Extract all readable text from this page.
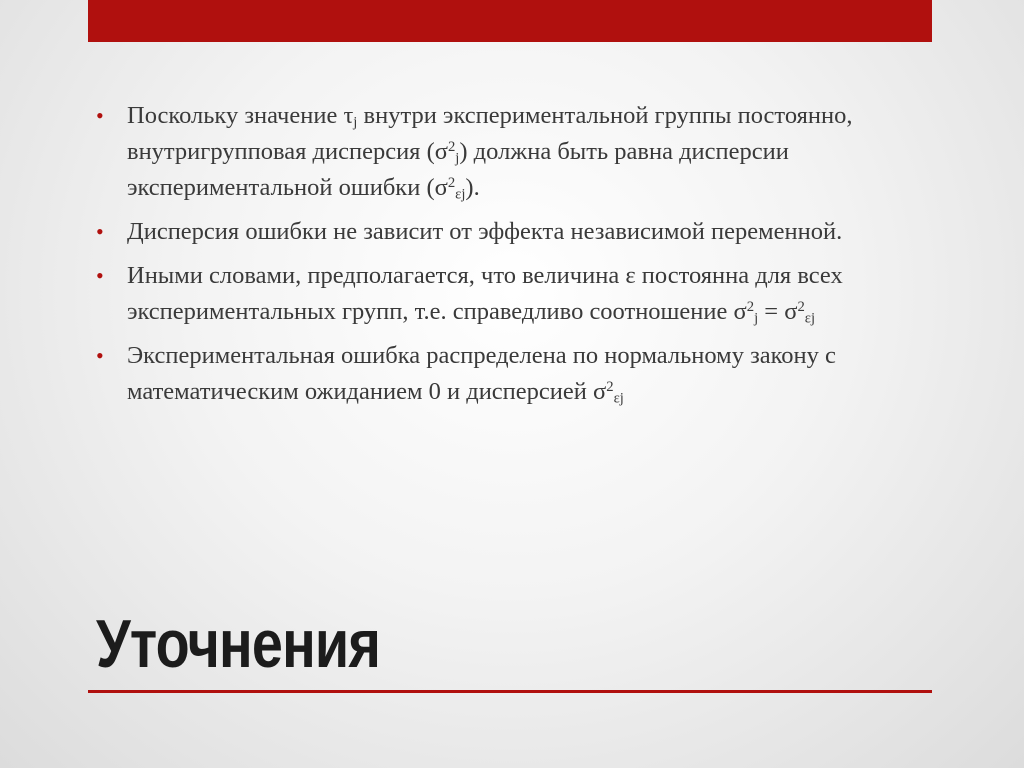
• Поскольку значение $\tau_j$ внутри экспериментальной группы постоянно, внутригрупповая дисперсия $(\sigma^2_j)$ должна быть равна дисперсии экспериментальной ошибки $(\sigma^2_{\varepsilon j})$.
• Дисперсия ошибки не зависит от эффекта независимой переменной.
• Иными словами, предполагается, что величина ε постоянна для всех экспериментальных групп, т.е. справедливо соотношение $\sigma^2_j = \sigma^2_{\varepsilon j}$
• Экспериментальная ошибка распределена по нормальному закону с математическим ожиданием 0 и дисперсией $\sigma^2_{\varepsilon j}$
Уточнения
